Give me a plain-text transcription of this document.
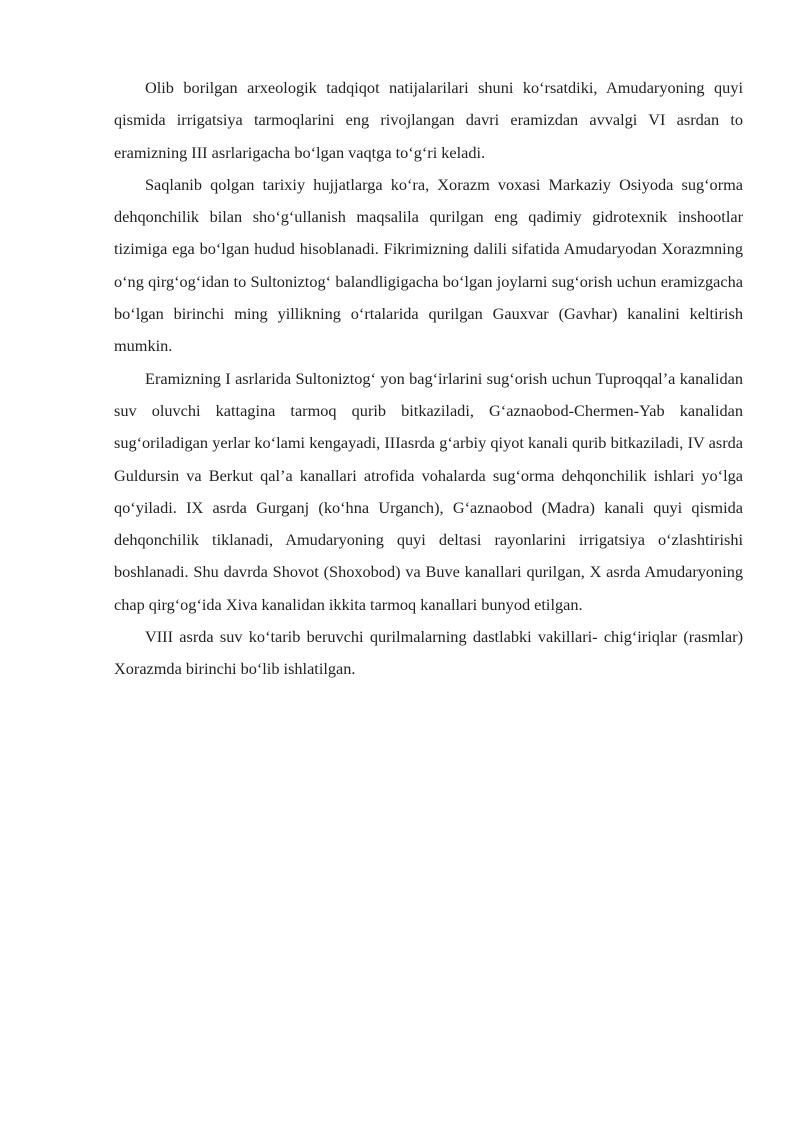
Olib borilgan arxeologik tadqiqot natijalarilari shuni ko‘rsatdiki, Amudaryoning quyi qismida irrigatsiya tarmoqlarini eng rivojlangan davri eramizdan avvalgi VI asrdan to eramizning III asrlarigacha bo‘lgan vaqtga to‘g‘ri keladi.

Saqlanib qolgan tarixiy hujjatlarga ko‘ra, Xorazm voxasi Markaziy Osiyoda sug‘orma dehqonchilik bilan sho‘g‘ullanish maqsalila qurilgan eng qadimiy gidrotexnik inshootlar tizimiga ega bo‘lgan hudud hisoblanadi. Fikrimizning dalili sifatida Amudaryodan Xorazmning o‘ng qirg‘og‘idan to Sultoniztog‘ balandligigacha bo‘lgan joylarni sug‘orish uchun eramizgacha bo‘lgan birinchi ming yillikning o‘rtalarida qurilgan Gauxvar (Gavhar) kanalini keltirish mumkin.

Eramizning I asrlarida Sultoniztog‘ yon bag‘irlarini sug‘orish uchun Tuproqqal’a kanalidan suv oluvchi kattagina tarmoq qurib bitkaziladi, G‘aznaobod-Chermen-Yab kanalidan sug‘oriladigan yerlar ko‘lami kengayadi, IIIasrda g‘arbiy qiyot kanali qurib bitkaziladi, IV asrda Guldursin va Berkut qal’a kanallari atrofida vohalarda sug‘orma dehqonchilik ishlari yo‘lga qo‘yiladi. IX asrda Gurganj (ko‘hna Urganch), G‘aznaobod (Madra) kanali quyi qismida dehqonchilik tiklanadi, Amudaryoning quyi deltasi rayonlarini irrigatsiya o‘zlashtirishi boshlanadi. Shu davrda Shovot (Shoxobod) va Buve kanallari qurilgan, X asrda Amudaryoning chap qirg‘og‘ida Xiva kanalidan ikkita tarmoq kanallari bunyod etilgan.

VIII asrda suv ko‘tarib beruvchi qurilmalarning dastlabki vakillari- chig‘iriqlar (rasmlar) Xorazmda birinchi bo‘lib ishlatilgan.
